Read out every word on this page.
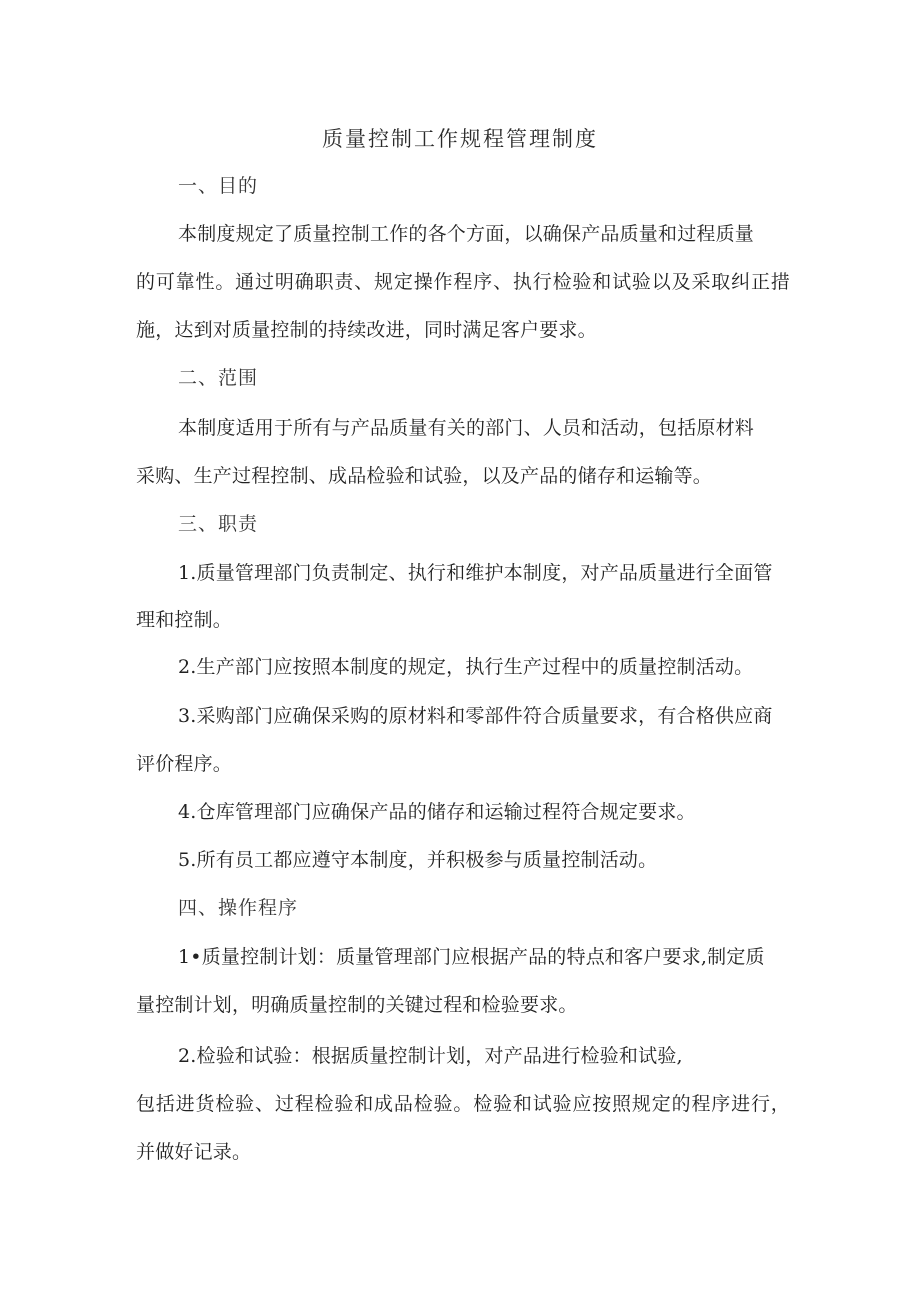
质量控制工作规程管理制度
一、目的
本制度规定了质量控制工作的各个方面，以确保产品质量和过程质量
的可靠性。通过明确职责、规定操作程序、执行检验和试验以及采取纠正措
施，达到对质量控制的持续改进，同时满足客户要求。
二、范围
本制度适用于所有与产品质量有关的部门、人员和活动，包括原材料
采购、生产过程控制、成品检验和试验，以及产品的储存和运输等。
三、职责
1.质量管理部门负责制定、执行和维护本制度，对产品质量进行全面管
理和控制。
2.生产部门应按照本制度的规定，执行生产过程中的质量控制活动。
3.采购部门应确保采购的原材料和零部件符合质量要求，有合格供应商
评价程序。
4.仓库管理部门应确保产品的储存和运输过程符合规定要求。
5.所有员工都应遵守本制度，并积极参与质量控制活动。
四、操作程序
1•质量控制计划：质量管理部门应根据产品的特点和客户要求,制定质
量控制计划，明确质量控制的关键过程和检验要求。
2.检验和试验：根据质量控制计划，对产品进行检验和试验,
包括进货检验、过程检验和成品检验。检验和试验应按照规定的程序进行，
并做好记录。
